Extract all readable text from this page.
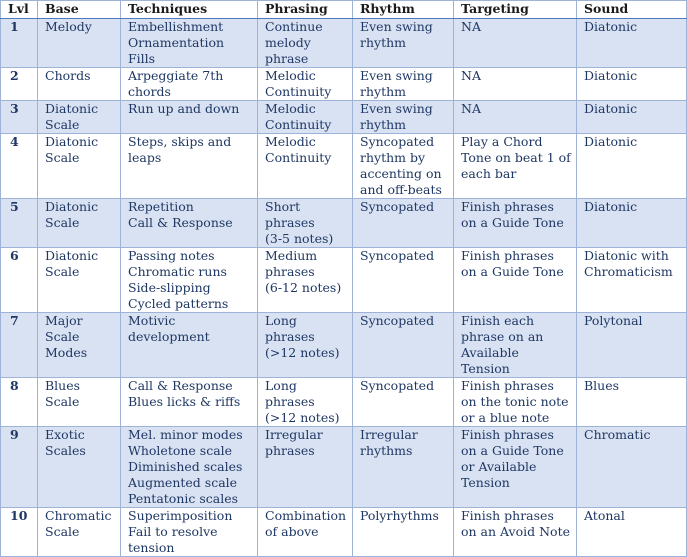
Lvl	Base	Techniques	Phrasing	Rhythm	Targeting	Sound
1	Melody	Embellishment
Ornamentation
Fills	Continue
melody
phrase	Even swing
rhythm	NA	Diatonic
2	Chords	Arpeggiate 7th
chords	Melodic
Continuity	Even swing
rhythm	NA	Diatonic
3	Diatonic
Scale	Run up and down	Melodic
Continuity	Even swing
rhythm	NA	Diatonic
4	Diatonic
Scale	Steps, skips and
leaps	Melodic
Continuity	Syncopated
rhythm by
accenting on
and off-beats	Play a Chord
Tone on beat 1 of
each bar	Diatonic
5	Diatonic
Scale	Repetition
Call & Response	Short
phrases
(3-5 notes)	Syncopated	Finish phrases
on a Guide Tone	Diatonic
6	Diatonic
Scale	Passing notes
Chromatic runs
Side-slipping
Cycled patterns	Medium
phrases
(6-12 notes)	Syncopated	Finish phrases
on a Guide Tone	Diatonic with
Chromaticism
7	Major
Scale
Modes	Motivic
development	Long
phrases
(>12 notes)	Syncopated	Finish each
phrase on an
Available
Tension	Polytonal
8	Blues
Scale	Call & Response
Blues licks & riffs	Long
phrases
(>12 notes)	Syncopated	Finish phrases
on the tonic note
or a blue note	Blues
9	Exotic
Scales	Mel. minor modes
Wholetone scale
Diminished scales
Augmented scale
Pentatonic scales	Irregular
phrases	Irregular
rhythms	Finish phrases
on a Guide Tone
or Available
Tension	Chromatic
10	Chromatic
Scale	Superimposition
Fail to resolve
tension	Combination
of above	Polyrhythms	Finish phrases
on an Avoid Note	Atonal
